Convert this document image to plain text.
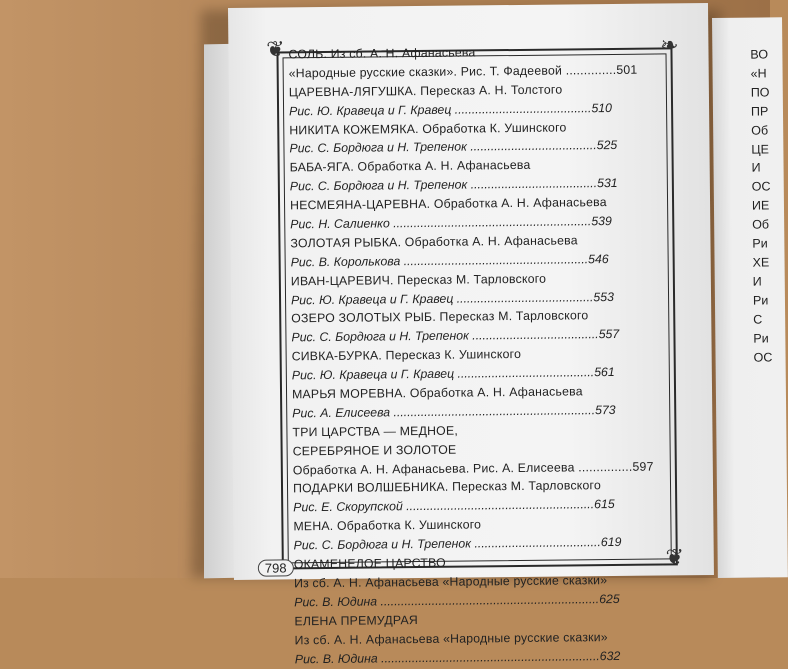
❦	❧
❦
СОЛЬ. Из сб. А. Н. Афанасьева
«Народные русские сказки». Рис. Т. Фадеевой ..............501
ЦАРЕВНА-ЛЯГУШКА. Пересказ А. Н. Толстого
Рис. Ю. Кравеца и Г. Кравец ........................................510
НИКИТА КОЖЕМЯКА. Обработка К. Ушинского
Рис. С. Бордюга и Н. Трепенок .....................................525
БАБА-ЯГА. Обработка А. Н. Афанасьева
Рис. С. Бордюга и Н. Трепенок .....................................531
НЕСМЕЯНА-ЦАРЕВНА. Обработка А. Н. Афанасьева
Рис. Н. Салиенко ..........................................................539
ЗОЛОТАЯ РЫБКА. Обработка А. Н. Афанасьева
Рис. В. Королькова ......................................................546
ИВАН-ЦАРЕВИЧ. Пересказ М. Тарловского
Рис. Ю. Кравеца и Г. Кравец ........................................553
ОЗЕРО ЗОЛОТЫХ РЫБ. Пересказ М. Тарловского
Рис. С. Бордюга и Н. Трепенок .....................................557
СИВКА-БУРКА. Пересказ К. Ушинского
Рис. Ю. Кравеца и Г. Кравец ........................................561
МАРЬЯ МОРЕВНА. Обработка А. Н. Афанасьева
Рис. А. Елисеева ...........................................................573
ТРИ ЦАРСТВА — МЕДНОЕ,
СЕРЕБРЯНОЕ И ЗОЛОТОЕ
Обработка А. Н. Афанасьева. Рис. А. Елисеева ...............597
ПОДАРКИ ВОЛШЕБНИКА. Пересказ М. Тарловского
Рис. Е. Скорупской .......................................................615
МЕНА. Обработка К. Ушинского
Рис. С. Бордюга и Н. Трепенок .....................................619
ОКАМЕНЕЛОЕ ЦАРСТВО
Из сб. А. Н. Афанасьева «Народные русские сказки»
Рис. В. Юдина ................................................................625
ЕЛЕНА ПРЕМУДРАЯ
Из сб. А. Н. Афанасьева «Народные русские сказки»
Рис. В. Юдина ................................................................632
798
ВО
«Н
ПО
ПР
Об
ЦЕ
И
ОС
ИЕ
Об
Ри
ХЕ
И
Ри
С
Ри
ОС
